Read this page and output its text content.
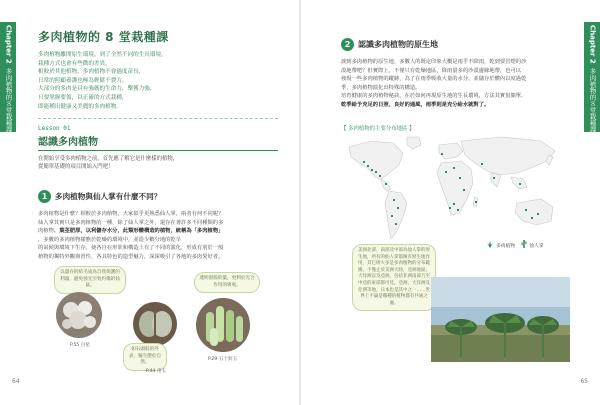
Chapter 2
多肉植物的８堂栽種課
Chapter 2
多肉植物的８堂栽種課
多肉植物的 8 堂栽種課

多肉植物離開原生環境，到了全然不同的生長環境，

栽種方式也會有些微的差異。

相較於其他植物，多肉植物不會過度苗長，

日常的照顧養護也極為輕鬆不費力。

大部分的多肉是具有強韌的生命力，擊獲力強，

只要掌握要領，以正確的方式栽種，

即能種出健康又美麗的多肉植物。

Lesson 01
認識多肉植物

在開始享受多肉植物之前，首先應了解它是什麼樣的植物，

從簡單基礎的項目開始入門吧！

1	多肉植物與仙人掌有什麼不同？

多肉植物是什麼？相較於多肉植物，大家似乎更熟悉仙人掌，兩者有何不同呢？

仙人掌其實只是多肉植物的一種，除了仙人掌之外，還存在著許多不同種類的多

肉植物。葉茎肥厚，以利儲存水分，此類形體構造的植物，統稱為「多肉植物」

，多數的多肉植物樣態於乾燥的環境中，並從少數分地的乾旱

的氣候與環境下生存，使各自在形狀和構造上有了不同的演化，形成有別於一般

植物的獨特外觀與習性，各具特色的造型魅力，深深吸引了各地的多肉愛好者。

以儲存的結毛成為自我保護的利器，避免強光引致灼傷的仙鼠。
P.55 白星
如石頭般的外表，擬生態於自然。
P.44 帝玉
透明窗般的葉，更利於光合作用的吸收。
P.29 五十鈴玉
64
2 認識多肉植物的原生地

談到多肉植物的原生地，多數人的既定印象大概是雨乎不降雨，乾到要冒煙的沙

漠地帶吧？但實際上，不僅只有乾燥地區，降雨量多的沙漠邊緣地帶，也可以

發現一些多肉植物的蹤跡，為了在雨季吸收大量的水分，並儲存於體內以度過乾

季，多肉植物演化出特殊的構造。

培育健康的多肉植物秘訣，在於如何再現原生地的生長環境，方法其實很簡單，

乾季給予充足的日照、良好的通風，雨季則是充分給水就對了。

【 多肉植物的主要分布地區 】
多肉植物	仙人掌
美洲北部、南部及中部為仙人掌的原生地，所有的仙人掌都擁有原生地作用，其它則大多是多肉植物的分布範圍。不僅止於美洲大陸，亞洲地區，大洋洲以及亞洲，包括非洲南部乃至中亞的東部都可見。亞洲、大洋洲及亞洲等地，日本也是其中之一……世界上不論是哪種的植物都有共通之處。
65
